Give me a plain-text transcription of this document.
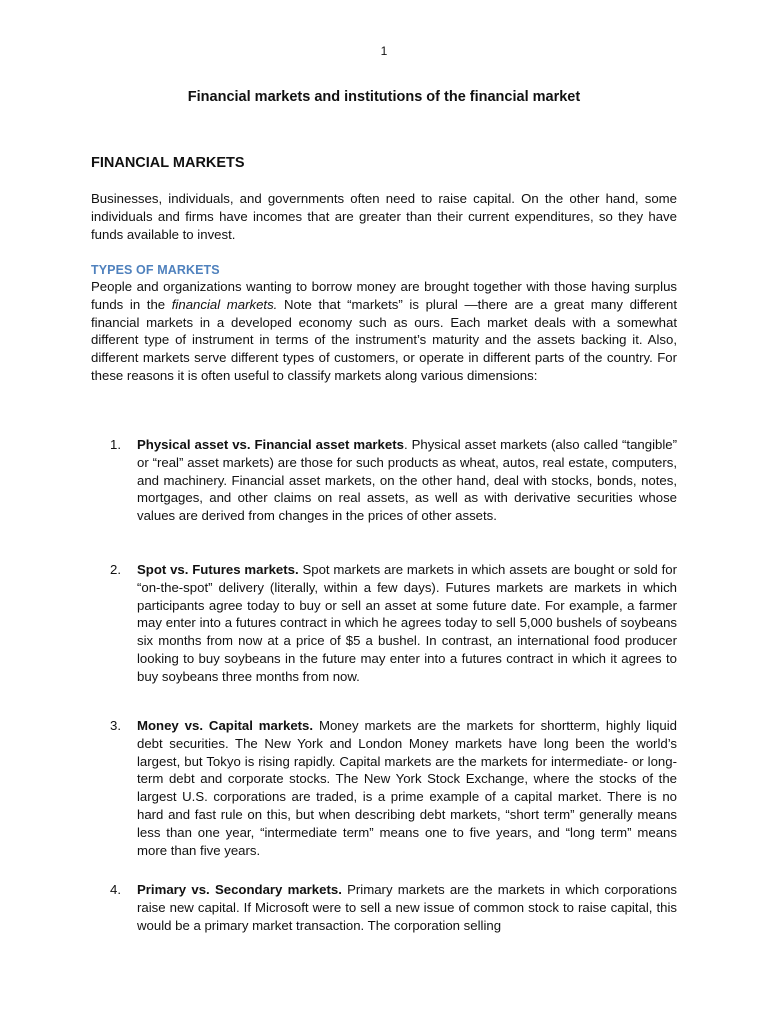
1
Financial markets and institutions of the financial market
FINANCIAL MARKETS
Businesses, individuals, and governments often need to raise capital. On the other hand, some individuals and firms have incomes that are greater than their current expenditures, so they have funds available to invest.
TYPES OF MARKETS
People and organizations wanting to borrow money are brought together with those having surplus funds in the financial markets. Note that “markets” is plural —there are a great many different financial markets in a developed economy such as ours. Each market deals with a somewhat different type of instrument in terms of the instrument’s maturity and the assets backing it. Also, different markets serve different types of customers, or operate in different parts of the country. For these reasons it is often useful to classify markets along various dimensions:
1.	Physical asset vs. Financial asset markets. Physical asset markets (also called “tangible” or “real” asset markets) are those for such products as wheat, autos, real estate, computers, and machinery. Financial asset markets, on the other hand, deal with stocks, bonds, notes, mortgages, and other claims on real assets, as well as with derivative securities whose values are derived from changes in the prices of other assets.
2.	Spot vs. Futures markets. Spot markets are markets in which assets are bought or sold for “on-the-spot” delivery (literally, within a few days). Futures markets are markets in which participants agree today to buy or sell an asset at some future date. For example, a farmer may enter into a futures contract in which he agrees today to sell 5,000 bushels of soybeans six months from now at a price of $5 a bushel. In contrast, an international food producer looking to buy soybeans in the future may enter into a futures contract in which it agrees to buy soybeans three months from now.
3.	Money vs. Capital markets. Money markets are the markets for shortterm, highly liquid debt securities. The New York and London Money markets have long been the world’s largest, but Tokyo is rising rapidly. Capital markets are the markets for intermediate- or long-term debt and corporate stocks. The New York Stock Exchange, where the stocks of the largest U.S. corporations are traded, is a prime example of a capital market. There is no hard and fast rule on this, but when describing debt markets, “short term” generally means less than one year, “intermediate term” means one to five years, and “long term” means more than five years.
4.	Primary vs. Secondary markets. Primary markets are the markets in which corporations raise new capital. If Microsoft were to sell a new issue of common stock to raise capital, this would be a primary market transaction. The corporation selling
